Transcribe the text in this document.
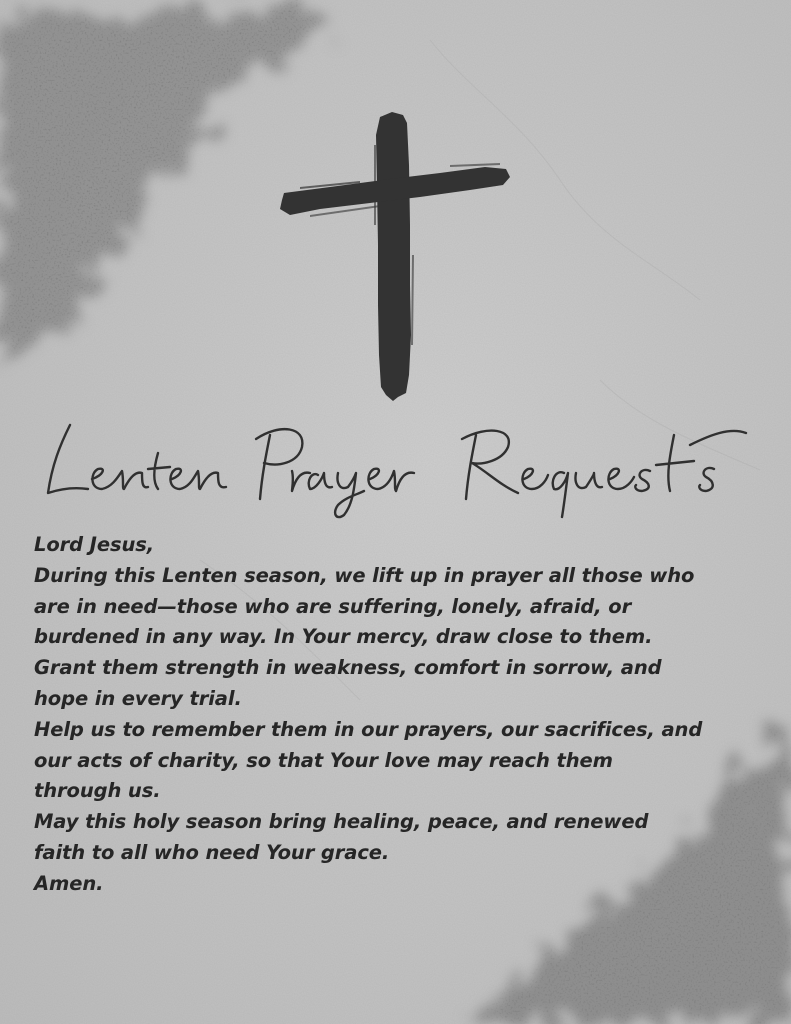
Lord Jesus,
During this Lenten season, we lift up in prayer all those who
are in need—those who are suffering, lonely, afraid, or
burdened in any way. In Your mercy, draw close to them.
Grant them strength in weakness, comfort in sorrow, and
hope in every trial.
Help us to remember them in our prayers, our sacrifices, and
our acts of charity, so that Your love may reach them
through us.
May this holy season bring healing, peace, and renewed
faith to all who need Your grace.
Amen.
